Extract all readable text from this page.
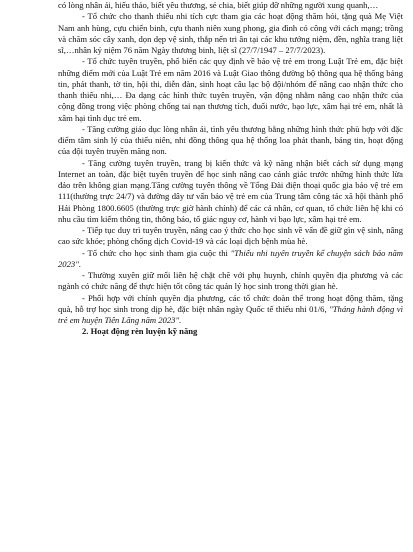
có lòng nhân ái, hiếu thảo, biết yêu thương, sẻ chia, biết giúp đỡ những người xung quanh,…

- Tổ chức cho thanh thiếu nhi tích cực tham gia các hoạt động thăm hỏi, tặng quà Mẹ Việt Nam anh hùng, cựu chiến binh, cựu thanh niên xung phong, gia đình có công với cách mạng; trồng và chăm sóc cây xanh, dọn dẹp vệ sinh, thắp nến tri ân tại các khu tưởng niệm, đền, nghĩa trang liệt sĩ,…nhân kỷ niệm 76 năm Ngày thương binh, liệt sĩ (27/7/1947 – 27/7/2023).

- Tổ chức tuyên truyền, phổ biến các quy định về bảo vệ trẻ em trong Luật Trẻ em, đặc biệt những điểm mới của Luật Trẻ em năm 2016 và Luật Giao thông đường bộ thông qua hệ thống bảng tin, phát thanh, tờ tin, hội thi, diễn đàn, sinh hoạt câu lạc bộ đội/nhóm để nâng cao nhận thức cho thanh thiếu nhi,… Đa dạng các hình thức tuyên truyền, vận động nhằm nâng cao nhận thức của cộng đồng trong việc phòng chống tai nạn thương tích, đuối nước, bạo lực, xâm hại trẻ em, nhất là xâm hại tình dục trẻ em.

- Tăng cường giáo dục lòng nhân ái, tình yêu thương bằng những hình thức phù hợp với đặc điểm tâm sinh lý của thiếu niên, nhi đồng thông qua hệ thống loa phát thanh, bảng tin, hoạt động của đội tuyên truyền măng non.

- Tăng cường tuyên truyền, trang bị kiến thức và kỹ năng nhận biết cách sử dụng mạng Internet an toàn, đặc biệt tuyên truyền để học sinh nâng cao cảnh giác trước những hình thức lừa đảo trên không gian mạng.Tăng cường tuyên thông về Tổng Đài điện thoại quốc gia bảo vệ trẻ em 111(thường trực 24/7) và đường dây tư vấn bảo vệ trẻ em của Trung tâm công tác xã hội thành phố Hải Phòng 1800.6605 (thường trực giờ hành chính) để các cá nhân, cơ quan, tổ chức liên hệ khi có nhu cầu tìm kiếm thông tin, thông báo, tố giác nguy cơ, hành vi bạo lực, xâm hại trẻ em.

- Tiếp tục duy trì tuyên truyền, nâng cao ý thức cho học sinh về vấn đề giữ gìn vệ sinh, nâng cao sức khỏe; phòng chống dịch Covid-19 và các loại dịch bệnh mùa hè.

- Tổ chức cho học sinh tham gia cuộc thi "Thiếu nhi tuyên truyền kể chuyện sách báo năm 2023".

- Thường xuyên giữ mối liên hệ chặt chẽ với phụ huynh, chính quyền địa phương và các ngành có chức năng để thực hiện tốt công tác quản lý học sinh trong thời gian hè.

- Phối hợp với chính quyền địa phương, các tổ chức đoàn thể trong hoạt động thăm, tặng quà, hỗ trợ học sinh trong dịp hè, đặc biệt nhân ngày Quốc tế thiếu nhi 01/6, "Tháng hành động vì trẻ em huyện Tiên Lãng năm 2023".

2. Hoạt động rèn luyện kỹ năng
